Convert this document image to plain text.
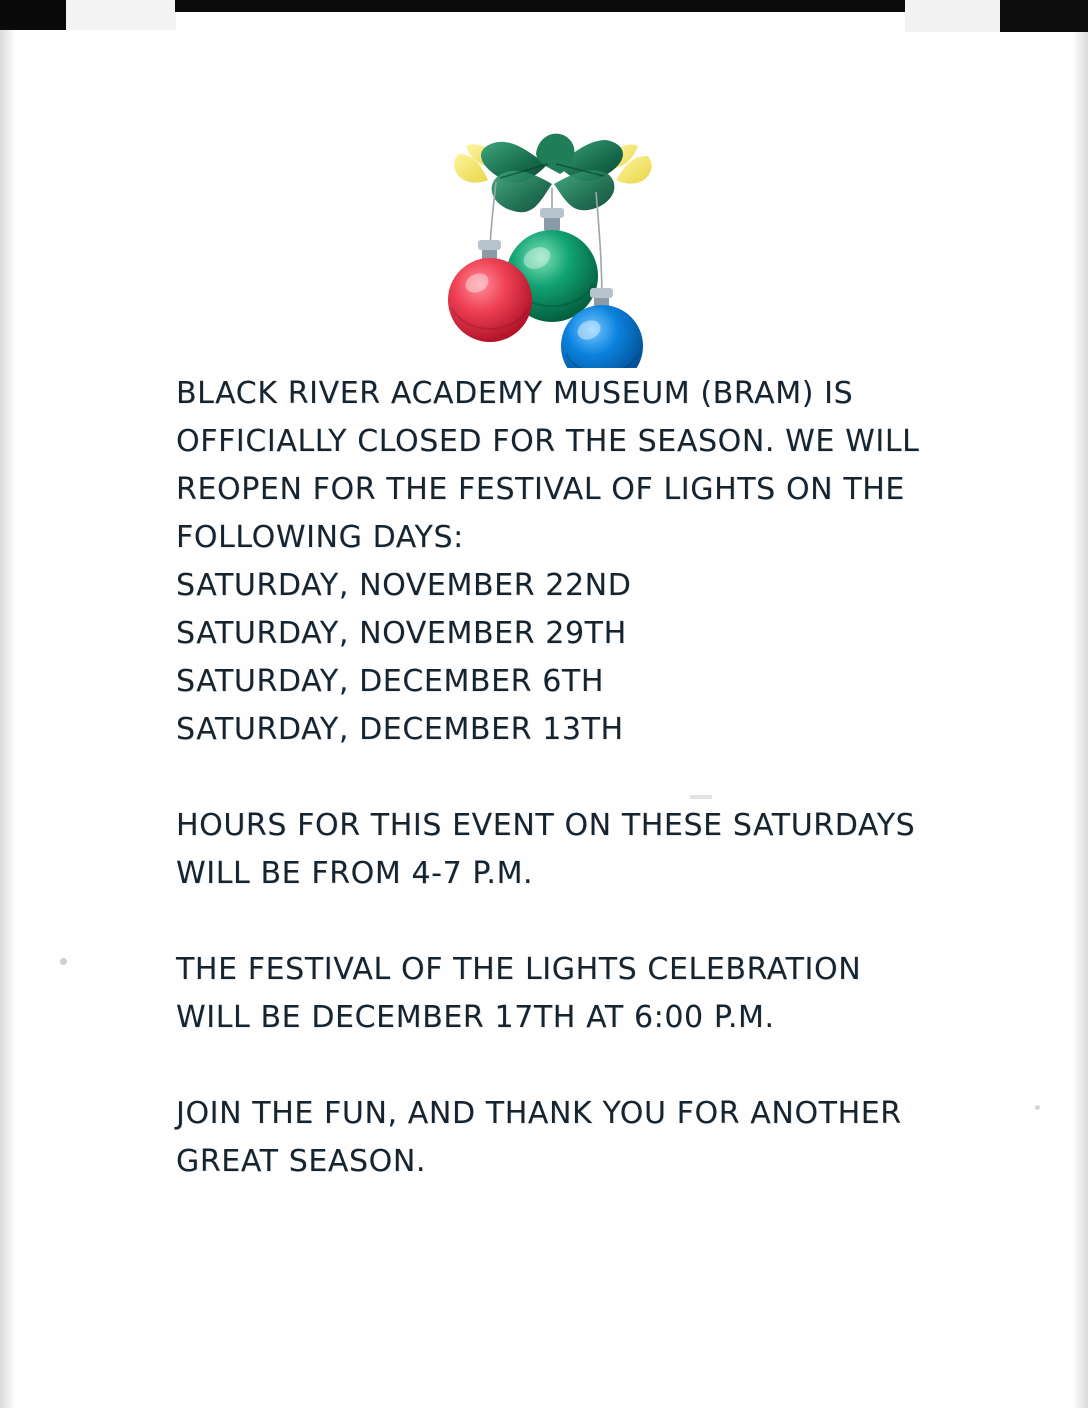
BLACK RIVER ACADEMY MUSEUM (BRAM) IS
OFFICIALLY CLOSED FOR THE SEASON. WE WILL
REOPEN FOR THE FESTIVAL OF LIGHTS ON THE
FOLLOWING DAYS:
SATURDAY, NOVEMBER 22ND
SATURDAY, NOVEMBER 29TH
SATURDAY, DECEMBER 6TH
SATURDAY, DECEMBER 13TH
HOURS FOR THIS EVENT ON THESE SATURDAYS
WILL BE FROM 4-7 P.M.
THE FESTIVAL OF THE LIGHTS CELEBRATION
WILL BE DECEMBER 17TH AT 6:00 P.M.
JOIN THE FUN, AND THANK YOU FOR ANOTHER
GREAT SEASON.
